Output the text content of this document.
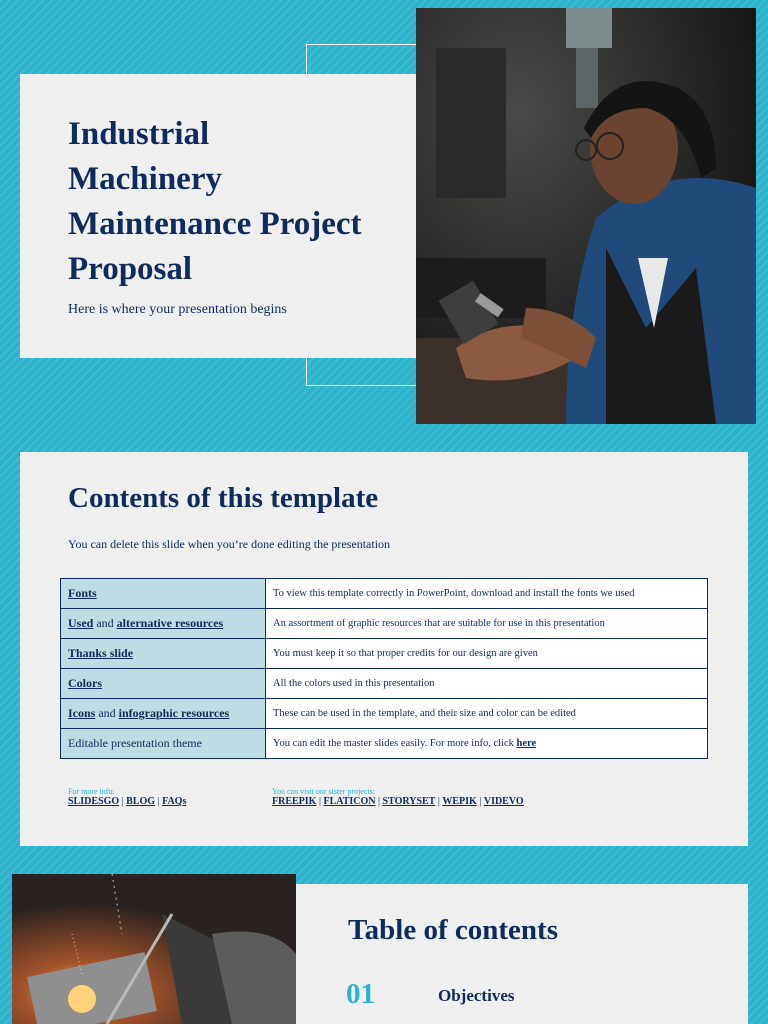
Industrial Machinery Maintenance Project Proposal
Here is where your presentation begins
Contents of this template
You can delete this slide when you’re done editing the presentation
Fonts	To view this template correctly in PowerPoint, download and install the fonts we used
Used and alternative resources	An assortment of graphic resources that are suitable for use in this presentation
Thanks slide	You must keep it so that proper credits for our design are given
Colors	All the colors used in this presentation
Icons and infographic resources	These can be used in the template, and their size and color can be edited
Editable presentation theme	You can edit the master slides easily. For more info, click here
For more info:
SLIDESGO | BLOG | FAQs
You can visit our sister projects:
FREEPIK | FLATICON | STORYSET | WEPIK | VIDEVO
Table of contents
01	Objectives
